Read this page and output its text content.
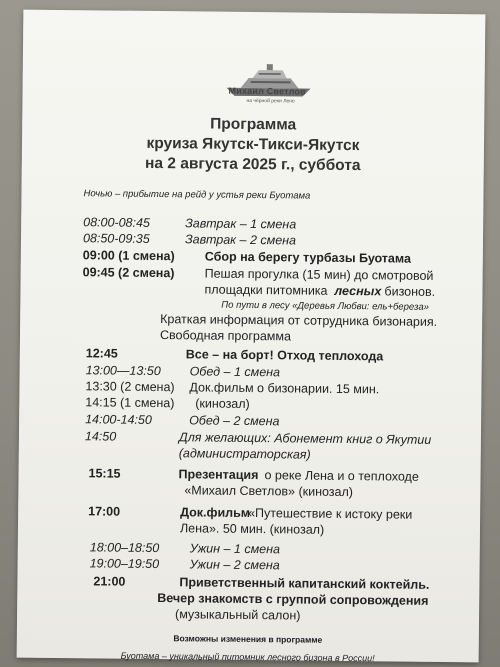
Михаил Светлов
на чёрной реки Лене
Программа
круиза Якутск-Тикси-Якутск
на 2 августа 2025 г., суббота
Ночью – прибытие на рейд у устья реки Буотама
08:00-08:45	Завтрак – 1 смена
08:50-09:35	Завтрак – 2 смена
09:00 (1 смена) Сбор на берегу турбазы Буотама
09:45 (2 смена) Пешая прогулка (15 мин) до смотровой
площадки питомника лесных бизонов.
По пути в лесу «Деревья Любви: ель+береза»
Краткая информация от сотрудника бизонария.
Свободная программа
12:45	Все – на борт! Отход теплохода
13:00—13:50 Обед – 1 смена
13:30 (2 смена) Док.фильм о бизонарии. 15 мин.
14:15 (1 смена) (кинозал)
14:00-14:50	Обед – 2 смена
14:50	Для желающих: Абонемент книг о Якутии
(администраторская)
15:15	Презентация о реке Лена и о теплоходе
«Михаил Светлов» (кинозал)
17:00	Док.фильм
«Путешествие к истоку реки
Лена». 50 мин. (кинозал)
18:00–18:50 Ужин – 1 смена
19:00–19:50 Ужин – 2 смена
21:00	Приветственный капитанский коктейль.
Вечер знакомств с группой сопровождения
(музыкальный салон)
Возможны изменения в программе
Буотама – уникальный питомник лесного бизона в России!
